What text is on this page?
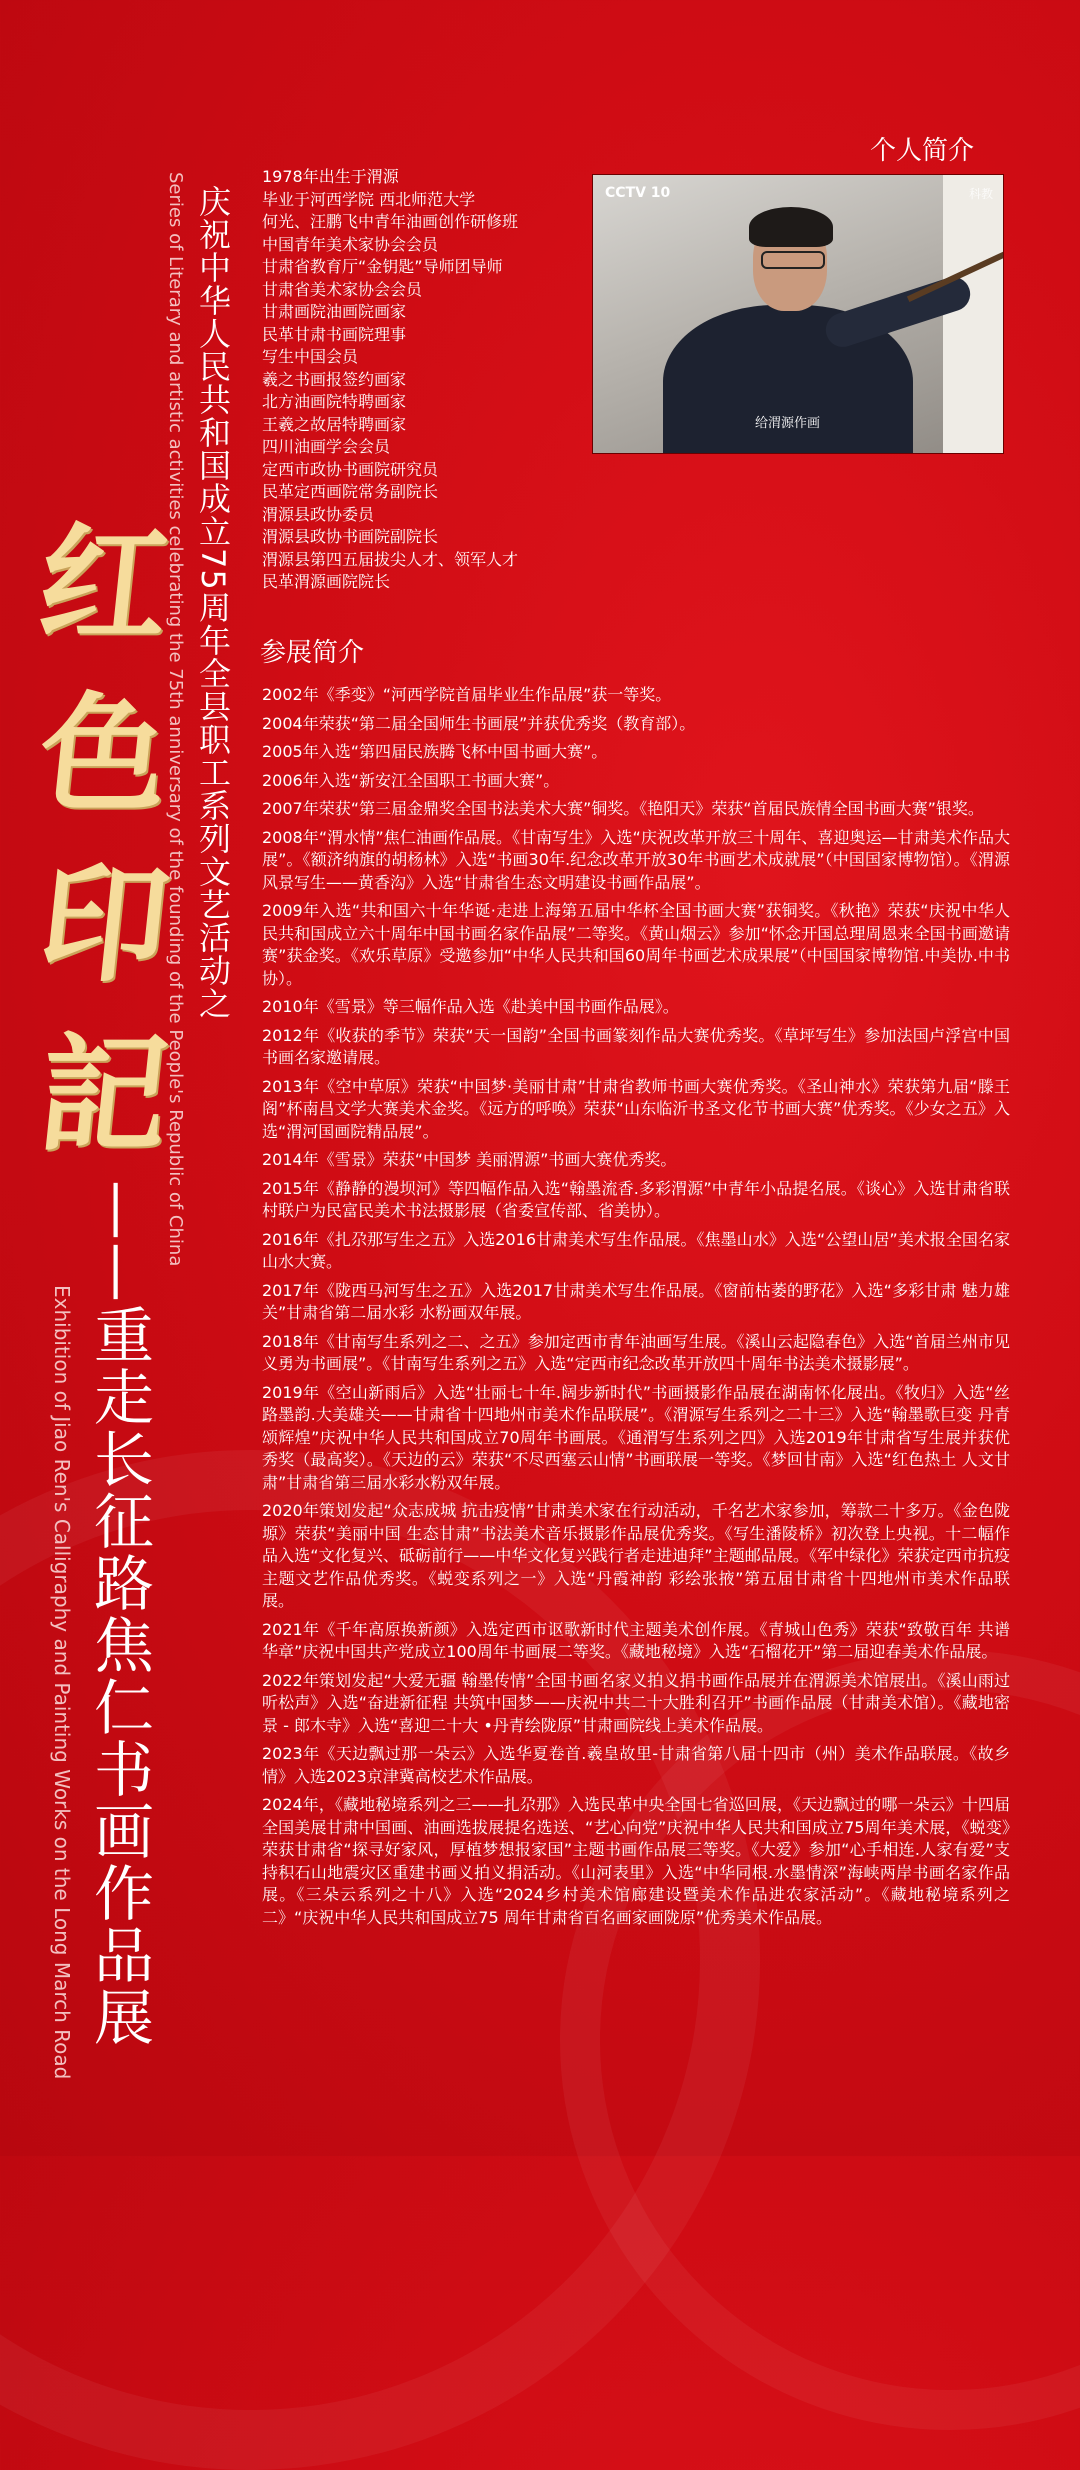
红
色
印
記
Series of Literary and artistic activities celebrating the 75th anniversary of the founding of the People's Republic of China 庆祝中华人民共和国成立75周年全县职工系列文艺活动之
——重走长征路焦仁书画作品展
Exhibition of Jiao Ren's Calligraphy and Painting Works on the Long March Road
个人简介
1978年出生于渭源
毕业于河西学院 西北师范大学
何光、汪鹏飞中青年油画创作研修班
中国青年美术家协会会员
甘肃省教育厅“金钥匙”导师团导师
甘肃省美术家协会会员
甘肃画院油画院画家
民革甘肃书画院理事
写生中国会员
羲之书画报签约画家
北方油画院特聘画家
王羲之故居特聘画家
四川油画学会会员
定西市政协书画院研究员
民革定西画院常务副院长
渭源县政协委员
渭源县政协书画院副院长
渭源县第四五届拔尖人才、领军人才
民革渭源画院院长
CCTV 10	科教
给渭源作画
参展简介
2002年《季变》“河西学院首届毕业生作品展”获一等奖。
2004年荣获“第二届全国师生书画展”并获优秀奖（教育部）。
2005年入选“第四届民族腾飞杯中国书画大赛”。
2006年入选“新安江全国职工书画大赛”。
2007年荣获“第三届金鼎奖全国书法美术大赛”铜奖。《艳阳天》荣获“首届民族情全国书画大赛”银奖。
2008年“渭水情”焦仁油画作品展。《甘南写生》入选“庆祝改革开放三十周年、喜迎奥运—甘肃美术作品大展”。《额济纳旗的胡杨林》入选“书画30年.纪念改革开放30年书画艺术成就展”（中国国家博物馆）。《渭源风景写生——黄香沟》入选“甘肃省生态文明建设书画作品展”。
2009年入选“共和国六十年华诞·走进上海第五届中华杯全国书画大赛”获铜奖。《秋艳》荣获“庆祝中华人民共和国成立六十周年中国书画名家作品展”二等奖。《黄山烟云》参加“怀念开国总理周恩来全国书画邀请赛”获金奖。《欢乐草原》受邀参加“中华人民共和国60周年书画艺术成果展”（中国国家博物馆.中美协.中书协）。
2010年《雪景》等三幅作品入选《赴美中国书画作品展》。
2012年《收获的季节》荣获“天一国韵”全国书画篆刻作品大赛优秀奖。《草坪写生》参加法国卢浮宫中国书画名家邀请展。
2013年《空中草原》荣获“中国梦·美丽甘肃”甘肃省教师书画大赛优秀奖。《圣山神水》荣获第九届“滕王阁”杯南昌文学大赛美术金奖。《远方的呼唤》荣获“山东临沂书圣文化节书画大赛”优秀奖。《少女之五》入选“渭河国画院精品展”。
2014年《雪景》荣获“中国梦 美丽渭源”书画大赛优秀奖。
2015年《静静的漫坝河》等四幅作品入选“翰墨流香.多彩渭源”中青年小品提名展。《谈心》入选甘肃省联村联户为民富民美术书法摄影展（省委宣传部、省美协）。
2016年《扎尕那写生之五》入选2016甘肃美术写生作品展。《焦墨山水》入选“公望山居”美术报全国名家山水大赛。
2017年《陇西马河写生之五》入选2017甘肃美术写生作品展。《窗前枯萎的野花》入选“多彩甘肃 魅力雄关”甘肃省第二届水彩 水粉画双年展。
2018年《甘南写生系列之二、之五》参加定西市青年油画写生展。《溪山云起隐春色》入选“首届兰州市见义勇为书画展”。《甘南写生系列之五》入选“定西市纪念改革开放四十周年书法美术摄影展”。
2019年《空山新雨后》入选“壮丽七十年.阔步新时代”书画摄影作品展在湖南怀化展出。《牧归》入选“丝路墨韵.大美雄关——甘肃省十四地州市美术作品联展”。《渭源写生系列之二十三》入选“翰墨歌巨变 丹青颂辉煌”庆祝中华人民共和国成立70周年书画展。《通渭写生系列之四》入选2019年甘肃省写生展并获优秀奖（最高奖）。《天边的云》荣获“不尽西塞云山情”书画联展一等奖。《梦回甘南》入选“红色热土 人文甘肃”甘肃省第三届水彩水粉双年展。
2020年策划发起“众志成城 抗击疫情”甘肃美术家在行动活动，千名艺术家参加，筹款二十多万。《金色陇塬》荣获“美丽中国 生态甘肃”书法美术音乐摄影作品展优秀奖。《写生潘陵桥》初次登上央视。十二幅作品入选“文化复兴、砥砺前行——中华文化复兴践行者走进迪拜”主题邮品展。《军中绿化》荣获定西市抗疫主题文艺作品优秀奖。《蜕变系列之一》入选“丹霞神韵 彩绘张掖”第五届甘肃省十四地州市美术作品联展。
2021年《千年高原换新颜》入选定西市讴歌新时代主题美术创作展。《青城山色秀》荣获“致敬百年 共谱华章”庆祝中国共产党成立100周年书画展二等奖。《藏地秘境》入选“石榴花开”第二届迎春美术作品展。
2022年策划发起“大爱无疆 翰墨传情”全国书画名家义拍义捐书画作品展并在渭源美术馆展出。《溪山雨过听松声》入选“奋进新征程 共筑中国梦——庆祝中共二十大胜利召开”书画作品展（甘肃美术馆）。《藏地密景 - 郎木寺》入选“喜迎二十大 •丹青绘陇原”甘肃画院线上美术作品展。
2023年《天边飘过那一朵云》入选华夏卷首.羲皇故里-甘肃省第八届十四市（州）美术作品联展。《故乡情》入选2023京津冀高校艺术作品展。
2024年，《藏地秘境系列之三——扎尕那》入选民革中央全国七省巡回展，《天边飘过的哪一朵云》十四届全国美展甘肃中国画、油画选拔展提名选送、“艺心向党”庆祝中华人民共和国成立75周年美术展，《蜕变》荣获甘肃省“探寻好家风，厚植梦想报家国”主题书画作品展三等奖。《大爱》参加“心手相连.人家有爱”支持积石山地震灾区重建书画义拍义捐活动。《山河表里》入选“中华同根.水墨情深”海峡两岸书画名家作品展。《三朵云系列之十八》入选“2024乡村美术馆廊建设暨美术作品进农家活动”。《藏地秘境系列之二》“庆祝中华人民共和国成立75 周年甘肃省百名画家画陇原”优秀美术作品展。
